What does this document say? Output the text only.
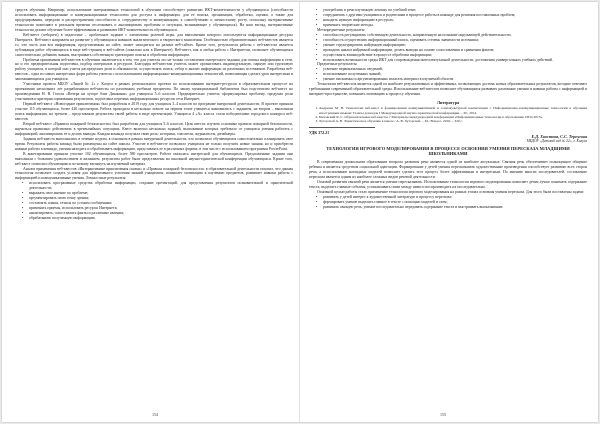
средств обучения. Например, использование интерактивных технологий в обучении способствует развитию ИКТ-компетентности у обучающихся (способности использовать информационные и коммуникационные технологии для доступа к информации, для ее поиска, организации, обработки, оценки, а также для продуцирования, передачи и распространения способности к сотрудничеству и коммуникации, к самообучению и личностному росту, поскольку интерактивные технологии позволяют в реальном времени отслеживать и анализировать проблемы и ситуации, возникающие у обучающихся). На наш взгляд, интерактивные технологии делают обучение более эффективным и развивают ИКТ-компетентность обучающихся.

Веб-квест (webquest) в педагогике – проблемное задание с элементами ролевой игры, для выполнения которого используются информационные ресурсы Интернета. Веб-квест направлен на развитие у обучающихся навыков аналитического и творческого мышления. Особенностью образовательных веб-квестов является то, что часть или вся информация, представленная на сайте, может находиться на разных веб-сайтах. Кроме того, результатом работы с веб-квестом является публикация работ обучающихся в виде веб-страниц и веб-сайтов (локально или в Интернете). Веб-квест, как и любая работа с Интернетом, позволяет обучающимся самостоятельно добывать знания, выстраивать собственную траекторию поиска и обработки информации.

Проблема применения веб-квестов в обучении заключается в том, что для учителя это не только составление интересного задания для поиска информации в сети, но и его предварительная подготовка, подбор материалов и ресурсов. Благодаря веб-квестам учитель может организовать индивидуальную, парную или групповую работу учащихся, в которой они учатся распределять роли и обязанности, осуществлять поиск, отбор и анализ информации из различных источников. Разработка веб-квестов – одна из самых интересных форм работы учителя с использованием информационно-коммуникационных технологий, позволяющая сделать урок интересным и запоминающимся для учащихся.

Участники проекта МБОУ «Лицей № 2» г. Калуга в рамках регионального проекта по использованию интернет-ресурсов в образовательном процессе на протяжении нескольких лет разрабатывали веб-квесты по различным учебным предметам. По заказу муниципальной библиотеки был подготовлен веб-квест по произведениям Н. В. Гоголя «Вечера на хуторе близ Диканьки» для учащихся 5–6 классов. Предварительно учитель сформулировал проблему, продумал роли участников и критерии оценивания результатов, подготовил перечень информационных ресурсов сети Интернет.

Первый веб-квест «Новогодние приключения» был разработан в 2019 году для учащихся 3–4 классов по программе внеурочной деятельности. В проекте приняли участие 115 обучающихся, более 420 просмотров. Работа проходила в несколько этапов: на первом этапе учащиеся знакомились с заданием, на втором – выполняли поиск информации, на третьем – представляли результаты своей работы в виде презентации. Учащиеся 4 «А» класса стали победителями городского конкурса веб-квестов.

Второй веб-квест «Правила пожарной безопасности» был разработан для учащихся 5–6 классов. Цель квеста: изучить основные правила пожарной безопасности, научиться правильно действовать в чрезвычайных ситуациях. Квест включал несколько заданий, выполнение которых требовало от учащихся умения работать с информацией, анализировать ее и делать выводы. Каждая команда получала свою роль: историки, спасатели, журналисты, дизайнеры.

Задания веб-квеста выполнялись в течение недели, в основном в рамках внеурочной деятельности, что позволило обучающимся самостоятельно планировать свое время. Результаты работы команд были размещены на сайте школы. Участие в веб-квесте позволило учащимся не только получить новые знания, но и приобрести навыки работы в команде, умения находить и обрабатывать информацию, представлять ее в различных формах, в том числе с использованием программы PowerPoint.

В анкетировании приняли участие 102 обучающихся, более 580 просмотров. Работа оказалась интересной для обучающихся. Предложенные задания они выполняли с большим удовольствием и желанием, результаты работ были представлены на школьной научно-практической конференции обучающихся. Кроме того, веб-квест позволил обучающимся по-новому взглянуть на изучаемый материал.

Анализ применения веб-квестов «Интерактивные приключения сказки» и «Правила пожарной безопасности» в образовательной деятельности показал, что данная технология позволяет создать условия для эффективного усвоения знаний учащимися, повышает мотивацию к изучению предметов, развивает навыки работы с информацией и коммуникативные умения. Личностные результаты:

• использовать программные средства обработки информации, создание презентаций, для представления результатов познавательной и практической деятельности;
• выражать свое мнение по проблеме;
• аргументировать свою точку зрения;
• составлять планы, тезисы по устным сообщениям;
• применять приемы, использовать ресурсы Интернета;
• анализировать, сопоставлять факты и различные явления;
• обрабатывать полученную информацию.
• употреблять в речи изученную лексику по учебной теме;
• сотрудничать с другими учащимися и родителями в процессе работы в команде для решения поставленных проблем;
• находить нужную информацию в ресурсах;
• применять творческие методы.

Метапредметные результаты:

• способность регулировать собственную деятельность, направленную на познание окружающей действительности;
• способность осуществлять информационный поиск, оценивать степень значимости источника;
• умение структурировать найденную информацию;
• проводить анализ найденной информации, делать выводы на основе сопоставления и сравнения фактов;
• осуществлять взаимодействие в процессе обработки информации;
• использовать возможности среды ИКТ для сопровождения интеллектуальной деятельности, достижения универсальных учебных действий.

Предметные результаты:

• усвоение первоначальных сведений;
• использование полученных знаний;
• умение письменно и аргументированно излагать материал в изучаемой области.

Технология веб-квестов является одной из наиболее результативных и эффективных, позволяющих достичь новых образовательных результатов, которые отвечают требованиям современной образовательной среды. Использование веб-квестов позволяет обучающимся развивать различные умения и навыки работы с информацией в интернет-пространстве, повышать мотивацию к процессу обучения.

Литература
1. Андреева М. В. Технологии веб-квест в формировании коммуникативной и социокультурной компетенции // Информационно-коммуникационные технологии в обучении иностранным языкам: Тезисы докладов I Международной научно-практической конференции. – М., 2014.
2. Быховский Я. С. Образовательные веб-квесты // Материалы международной конференции «Информационные технологии в образовании. ИТО-2015».
3. Хуторской А. В. Эвристическое обучение в школе / А. В. Хуторской. – М.: Владос, 2016. – 320 с.
УДК 372.21
Е.Д. Хвостова, С.С. Терпугова
МБДОУ «Детский сад № 22», г. Калуга
ТЕХНОЛОГИЯ ИГРОВОГО МОДЕЛИРОВАНИЯ В ПРОЦЕССЕ ОСВОЕНИЯ УМЕНИЯ ПЕРЕСКАЗА МЛАДШИМИ ШКОЛЬНИКАМИ

В современном дошкольном образовании вопросы развития речи являются одной из наиболее актуальных. Связная речь обеспечивает полноценное общение ребенка и является средством социальной адаптации. Формирование у детей умения пересказывать художественные произведения способствует развитию всех сторон речи, а использование наглядных моделей позволяет сделать этот процесс более эффективным и интересным. По мнению многих исследователей, составление пересказа является одним из наиболее сложных видов речевой деятельности.

Основой развития связной речи является умение пересказывать. Использование технологии игрового моделирования позволяет детям лучше понимать содержание текста, выделять главные события, устанавливать связи между ними и воспроизводить их последовательно.

Основной целью работы стало применение технологии игрового моделирования на разных этапах освоения умения пересказа. Для этого были поставлены задачи:

• развивать у детей интерес к художественной литературе и процессу пересказа;
• формировать умение выделять главное в тексте с помощью моделей и схем;
• развивать связную речь, умение последовательно передавать содержание текста и выстраивать высказывание.
154	155
